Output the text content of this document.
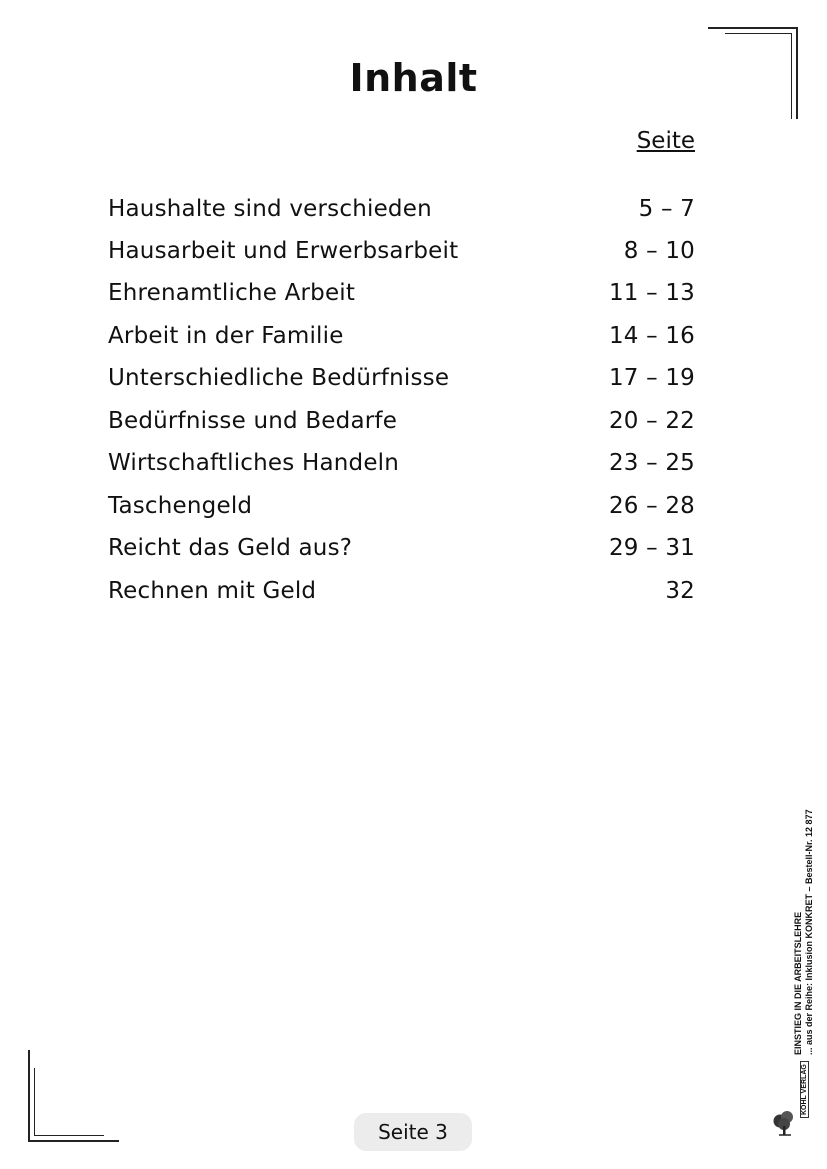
Inhalt
Seite
Haushalte sind verschieden	5 – 7
Hausarbeit und Erwerbsarbeit	8 – 10
Ehrenamtliche Arbeit	11 – 13
Arbeit in der Familie	14 – 16
Unterschiedliche Bedürfnisse	17 – 19
Bedürfnisse und Bedarfe	20 – 22
Wirtschaftliches Handeln	23 – 25
Taschengeld	26 – 28
Reicht das Geld aus?	29 – 31
Rechnen mit Geld	32
EINSTIEG IN DIE ARBEITSLEHRE ... aus der Reihe: Inklusion KONKRET – Bestell-Nr. 12 877
KOHL VERLAG
Seite 3
